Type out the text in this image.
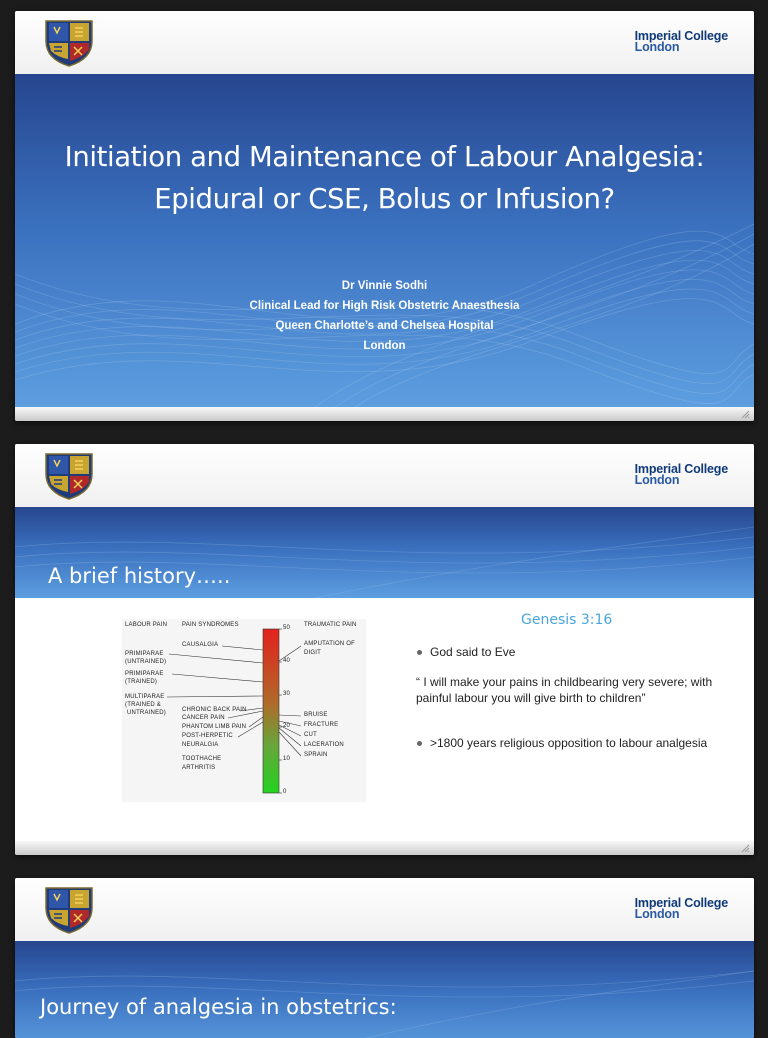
Imperial College
London
Initiation and Maintenance of Labour Analgesia:
Epidural or CSE, Bolus or Infusion?
Dr Vinnie Sodhi
Clinical Lead for High Risk Obstetric Anaesthesia
Queen Charlotte’s and Chelsea Hospital
London
Imperial College
London
A brief history…..
LABOUR PAIN PAIN SYNDROMES	TRAUMATIC PAIN
50
40
30
20
10
0
PRIMIPARAE
(UNTRAINED)
PRIMIPARAE
(TRAINED)
MULTIPARAE
(TRAINED &
UNTRAINED)
CAUSALGIA
CHRONIC BACK PAIN
CANCER PAIN
PHANTOM LIMB PAIN
POST-HERPETIC
NEURALGIA
TOOTHACHE
ARTHRITIS
AMPUTATION OF
DIGIT
BRUISE
FRACTURE
CUT
LACERATION
SPRAIN
Genesis 3:16
God said to Eve
“ I will make your pains in childbearing very severe; with painful labour you will give birth to children”
>1800 years religious opposition to labour analgesia
Imperial College
London
Journey of analgesia in obstetrics:
